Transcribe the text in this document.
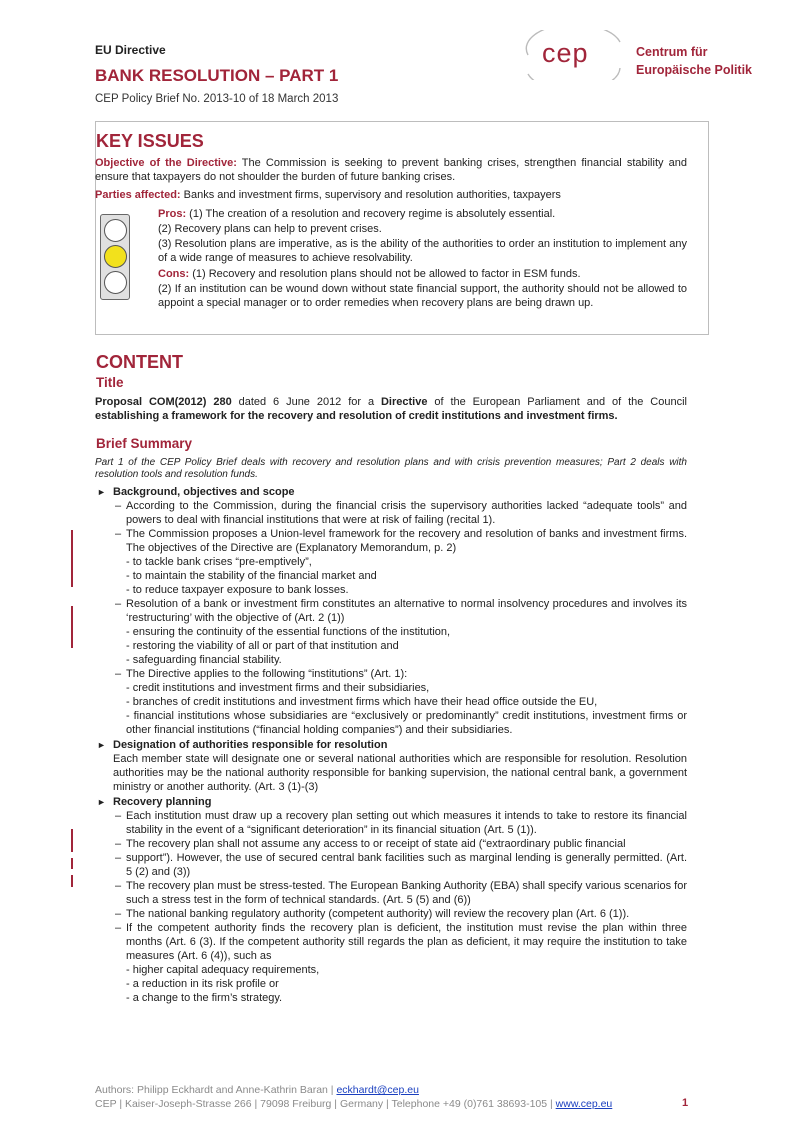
EU Directive
BANK RESOLUTION – PART 1
CEP Policy Brief No. 2013-10 of 18 March 2013
cep	Centrum für
Europäische Politik
KEY ISSUES
Objective of the Directive: The Commission is seeking to prevent banking crises, strengthen financial stability and ensure that taxpayers do not shoulder the burden of future banking crises.
Parties affected: Banks and investment firms, supervisory and resolution authorities, taxpayers

Pros: (1) The creation of a resolution and recovery regime is absolutely essential.

(2) Recovery plans can help to prevent crises.

(3) Resolution plans are imperative, as is the ability of the authorities to order an institution to implement any of a wide range of measures to achieve resolvability.

Cons: (1) Recovery and resolution plans should not be allowed to factor in ESM funds.

(2) If an institution can be wound down without state financial support, the authority should not be allowed to appoint a special manager or to order remedies when recovery plans are being drawn up.

CONTENT
Title
Proposal COM(2012) 280 dated 6 June 2012 for a Directive of the European Parliament and of the Council establishing a framework for the recovery and resolution of credit institutions and investment firms.
Brief Summary
Part 1 of the CEP Policy Brief deals with recovery and resolution plans and with crisis prevention measures; Part 2 deals with resolution tools and resolution funds.
► Background, objectives and scope
– According to the Commission, during the financial crisis the supervisory authorities lacked “adequate tools” and powers to deal with financial institutions that were at risk of failing (recital 1).
– The Commission proposes a Union-level framework for the recovery and resolution of banks and investment firms. The objectives of the Directive are (Explanatory Memorandum, p. 2)
- to tackle bank crises “pre-emptively”,
- to maintain the stability of the financial market and
- to reduce taxpayer exposure to bank losses.
– Resolution of a bank or investment firm constitutes an alternative to normal insolvency procedures and involves its ‘restructuring’ with the objective of (Art. 2 (1))
- ensuring the continuity of the essential functions of the institution,
- restoring the viability of all or part of that institution and
- safeguarding financial stability.
– The Directive applies to the following “institutions” (Art. 1):
- credit institutions and investment firms and their subsidiaries,
- branches of credit institutions and investment firms which have their head office outside the EU,
- financial institutions whose subsidiaries are “exclusively or predominantly” credit institutions, investment firms or other financial institutions (“financial holding companies”) and their subsidiaries.
► Designation of authorities responsible for resolution
Each member state will designate one or several national authorities which are responsible for resolution. Resolution authorities may be the national authority responsible for banking supervision, the national central bank, a government ministry or another authority. (Art. 3 (1)-(3)
► Recovery planning
– Each institution must draw up a recovery plan setting out which measures it intends to take to restore its financial stability in the event of a “significant deterioration” in its financial situation (Art. 5 (1)).
– The recovery plan shall not assume any access to or receipt of state aid (“extraordinary public financial
– support”). However, the use of secured central bank facilities such as marginal lending is generally permitted. (Art. 5 (2) and (3))
– The recovery plan must be stress-tested. The European Banking Authority (EBA) shall specify various scenarios for such a stress test in the form of technical standards. (Art. 5 (5) and (6))
– The national banking regulatory authority (competent authority) will review the recovery plan (Art. 6 (1)).
– If the competent authority finds the recovery plan is deficient, the institution must revise the plan within three months (Art. 6 (3). If the competent authority still regards the plan as deficient, it may require the institution to take measures (Art. 6 (4)), such as
- higher capital adequacy requirements,
- a reduction in its risk profile or
- a change to the firm’s strategy.
Authors: Philipp Eckhardt and Anne-Kathrin Baran | eckhardt@cep.eu
CEP | Kaiser-Joseph-Strasse 266 | 79098 Freiburg | Germany | Telephone +49 (0)761 38693-105 | www.cep.eu	1
